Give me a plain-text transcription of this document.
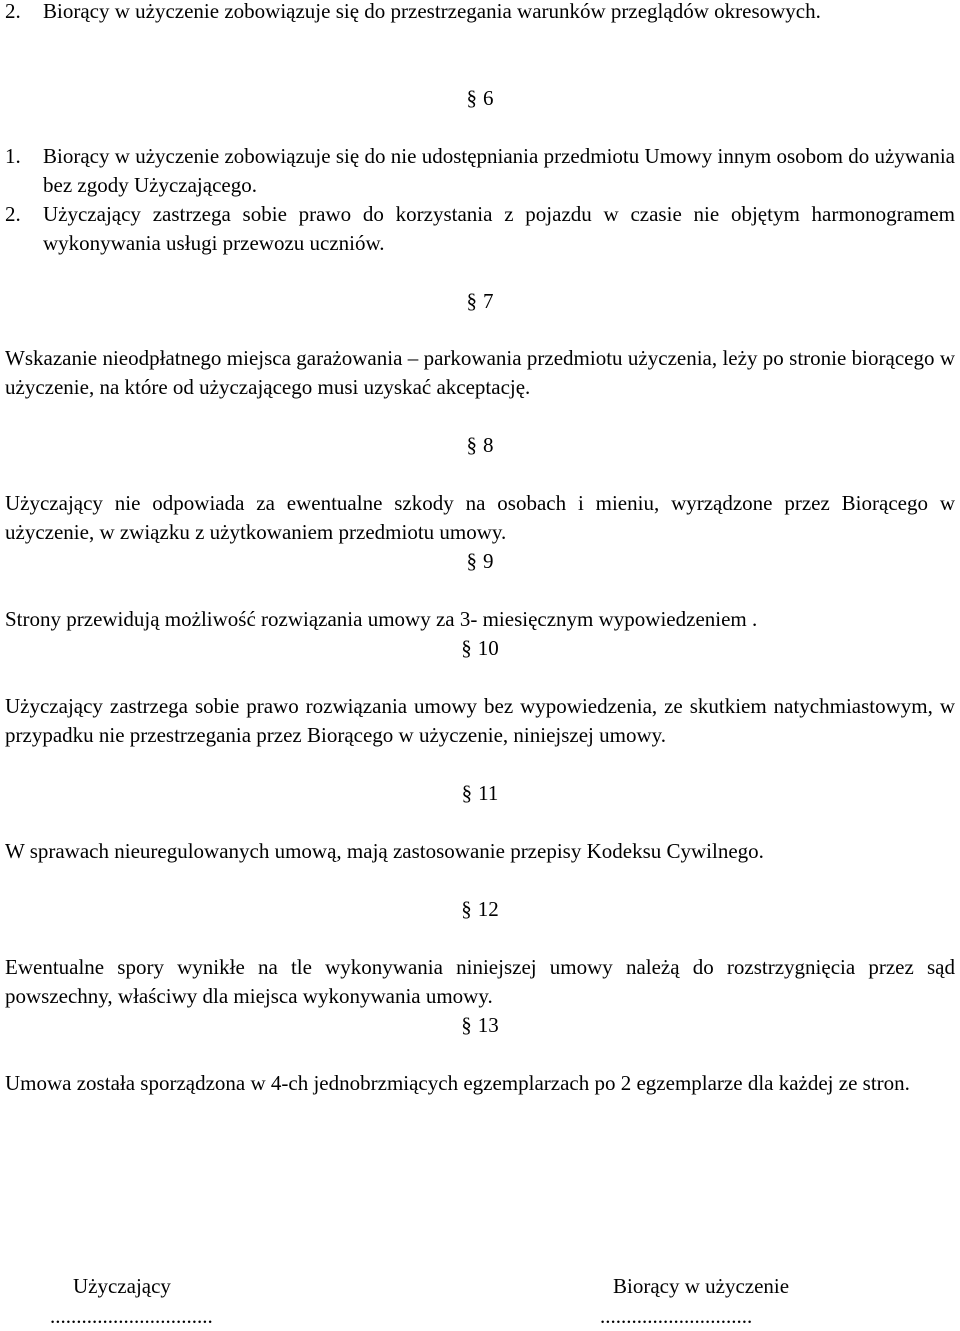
2. Biorący w użyczenie zobowiązuje się do przestrzegania warunków przeglądów okresowych.
§ 6
1. Biorący w użyczenie zobowiązuje się do nie udostępniania przedmiotu Umowy innym osobom do używania bez zgody Użyczającego.
2. Użyczający zastrzega sobie prawo do korzystania z pojazdu w czasie nie objętym harmonogramem wykonywania usługi przewozu uczniów.
§ 7

Wskazanie nieodpłatnego miejsca garażowania – parkowania przedmiotu użyczenia, leży po stronie biorącego w użyczenie, na które od użyczającego musi uzyskać akceptację.

§ 8

Użyczający nie odpowiada za ewentualne szkody na osobach i mieniu, wyrządzone przez Biorącego w użyczenie, w związku z użytkowaniem przedmiotu umowy.

§ 9

Strony przewidują możliwość rozwiązania umowy za 3- miesięcznym wypowiedzeniem .

§ 10

Użyczający zastrzega sobie prawo rozwiązania umowy bez wypowiedzenia, ze skutkiem natychmiastowym, w przypadku nie przestrzegania przez Biorącego w użyczenie, niniejszej umowy.

§ 11

W sprawach nieuregulowanych umową, mają zastosowanie przepisy Kodeksu Cywilnego.

§ 12

Ewentualne spory wynikłe na tle wykonywania niniejszej umowy należą do rozstrzygnięcia przez sąd powszechny, właściwy dla miejsca wykonywania umowy.

§ 13

Umowa została sporządzona w 4-ch jednobrzmiących egzemplarzach po 2 egzemplarze dla każdej ze stron.

Użyczający	Biorący w użyczenie
...............................	.............................
